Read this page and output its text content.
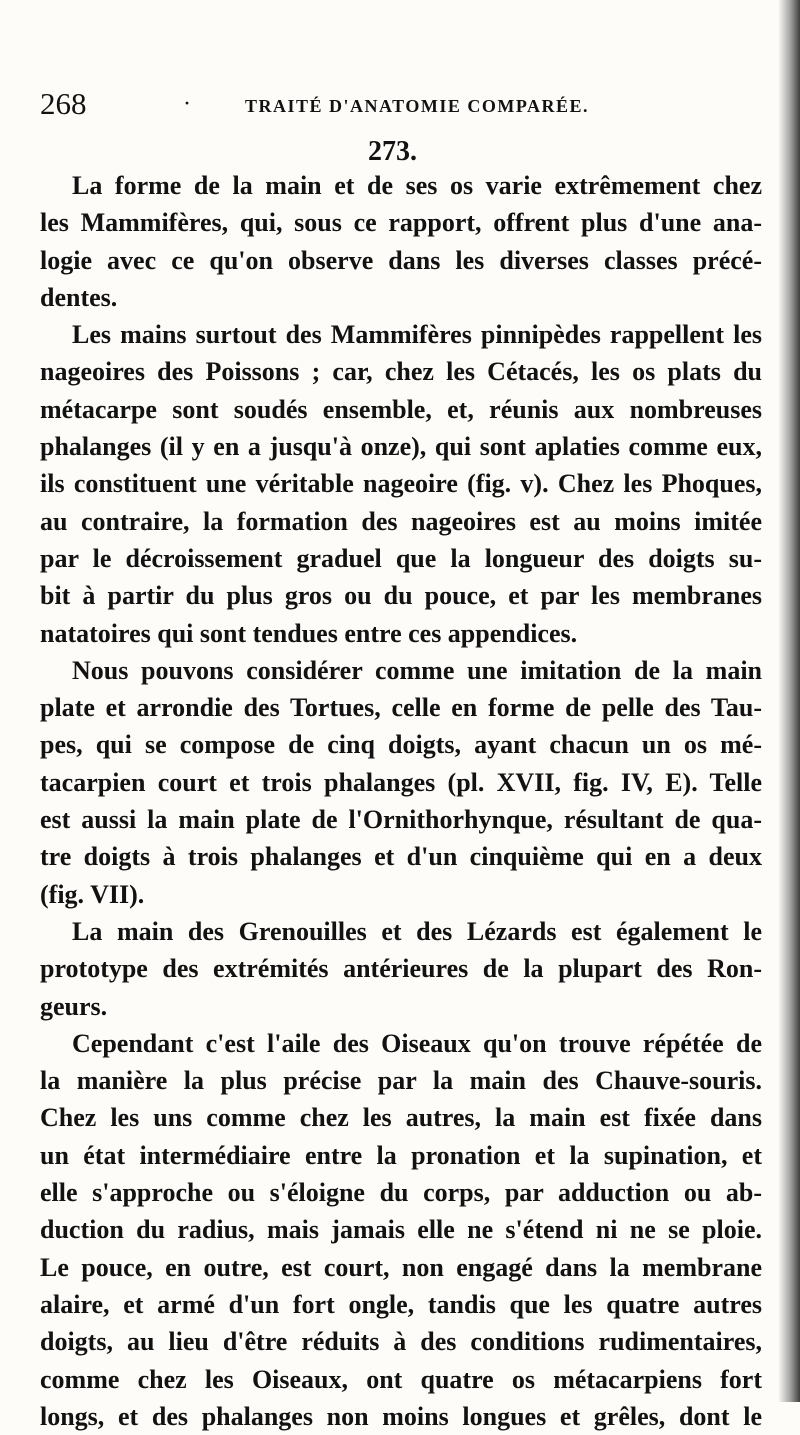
268	·	TRAITÉ D'ANATOMIE COMPARÉE.
273.
La forme de la main et de ses os varie extrêmement chez
les Mammifères, qui, sous ce rapport, offrent plus d'une ana-
logie avec ce qu'on observe dans les diverses classes précé-
dentes.
Les mains surtout des Mammifères pinnipèdes rappellent les
nageoires des Poissons ; car, chez les Cétacés, les os plats du
métacarpe sont soudés ensemble, et, réunis aux nombreuses
phalanges (il y en a jusqu'à onze), qui sont aplaties comme eux,
ils constituent une véritable nageoire (fig. v). Chez les Phoques,
au contraire, la formation des nageoires est au moins imitée
par le décroissement graduel que la longueur des doigts su-
bit à partir du plus gros ou du pouce, et par les membranes
natatoires qui sont tendues entre ces appendices.
Nous pouvons considérer comme une imitation de la main
plate et arrondie des Tortues, celle en forme de pelle des Tau-
pes, qui se compose de cinq doigts, ayant chacun un os mé-
tacarpien court et trois phalanges (pl. XVII, fig. IV, E). Telle
est aussi la main plate de l'Ornithorhynque, résultant de qua-
tre doigts à trois phalanges et d'un cinquième qui en a deux
(fig. VII).
La main des Grenouilles et des Lézards est également le
prototype des extrémités antérieures de la plupart des Ron-
geurs.
Cependant c'est l'aile des Oiseaux qu'on trouve répétée de
la manière la plus précise par la main des Chauve-souris.
Chez les uns comme chez les autres, la main est fixée dans
un état intermédiaire entre la pronation et la supination, et
elle s'approche ou s'éloigne du corps, par adduction ou ab-
duction du radius, mais jamais elle ne s'étend ni ne se ploie.
Le pouce, en outre, est court, non engagé dans la membrane
alaire, et armé d'un fort ongle, tandis que les quatre autres
doigts, au lieu d'être réduits à des conditions rudimentaires,
comme chez les Oiseaux, ont quatre os métacarpiens fort
longs, et des phalanges non moins longues et grêles, dont le
